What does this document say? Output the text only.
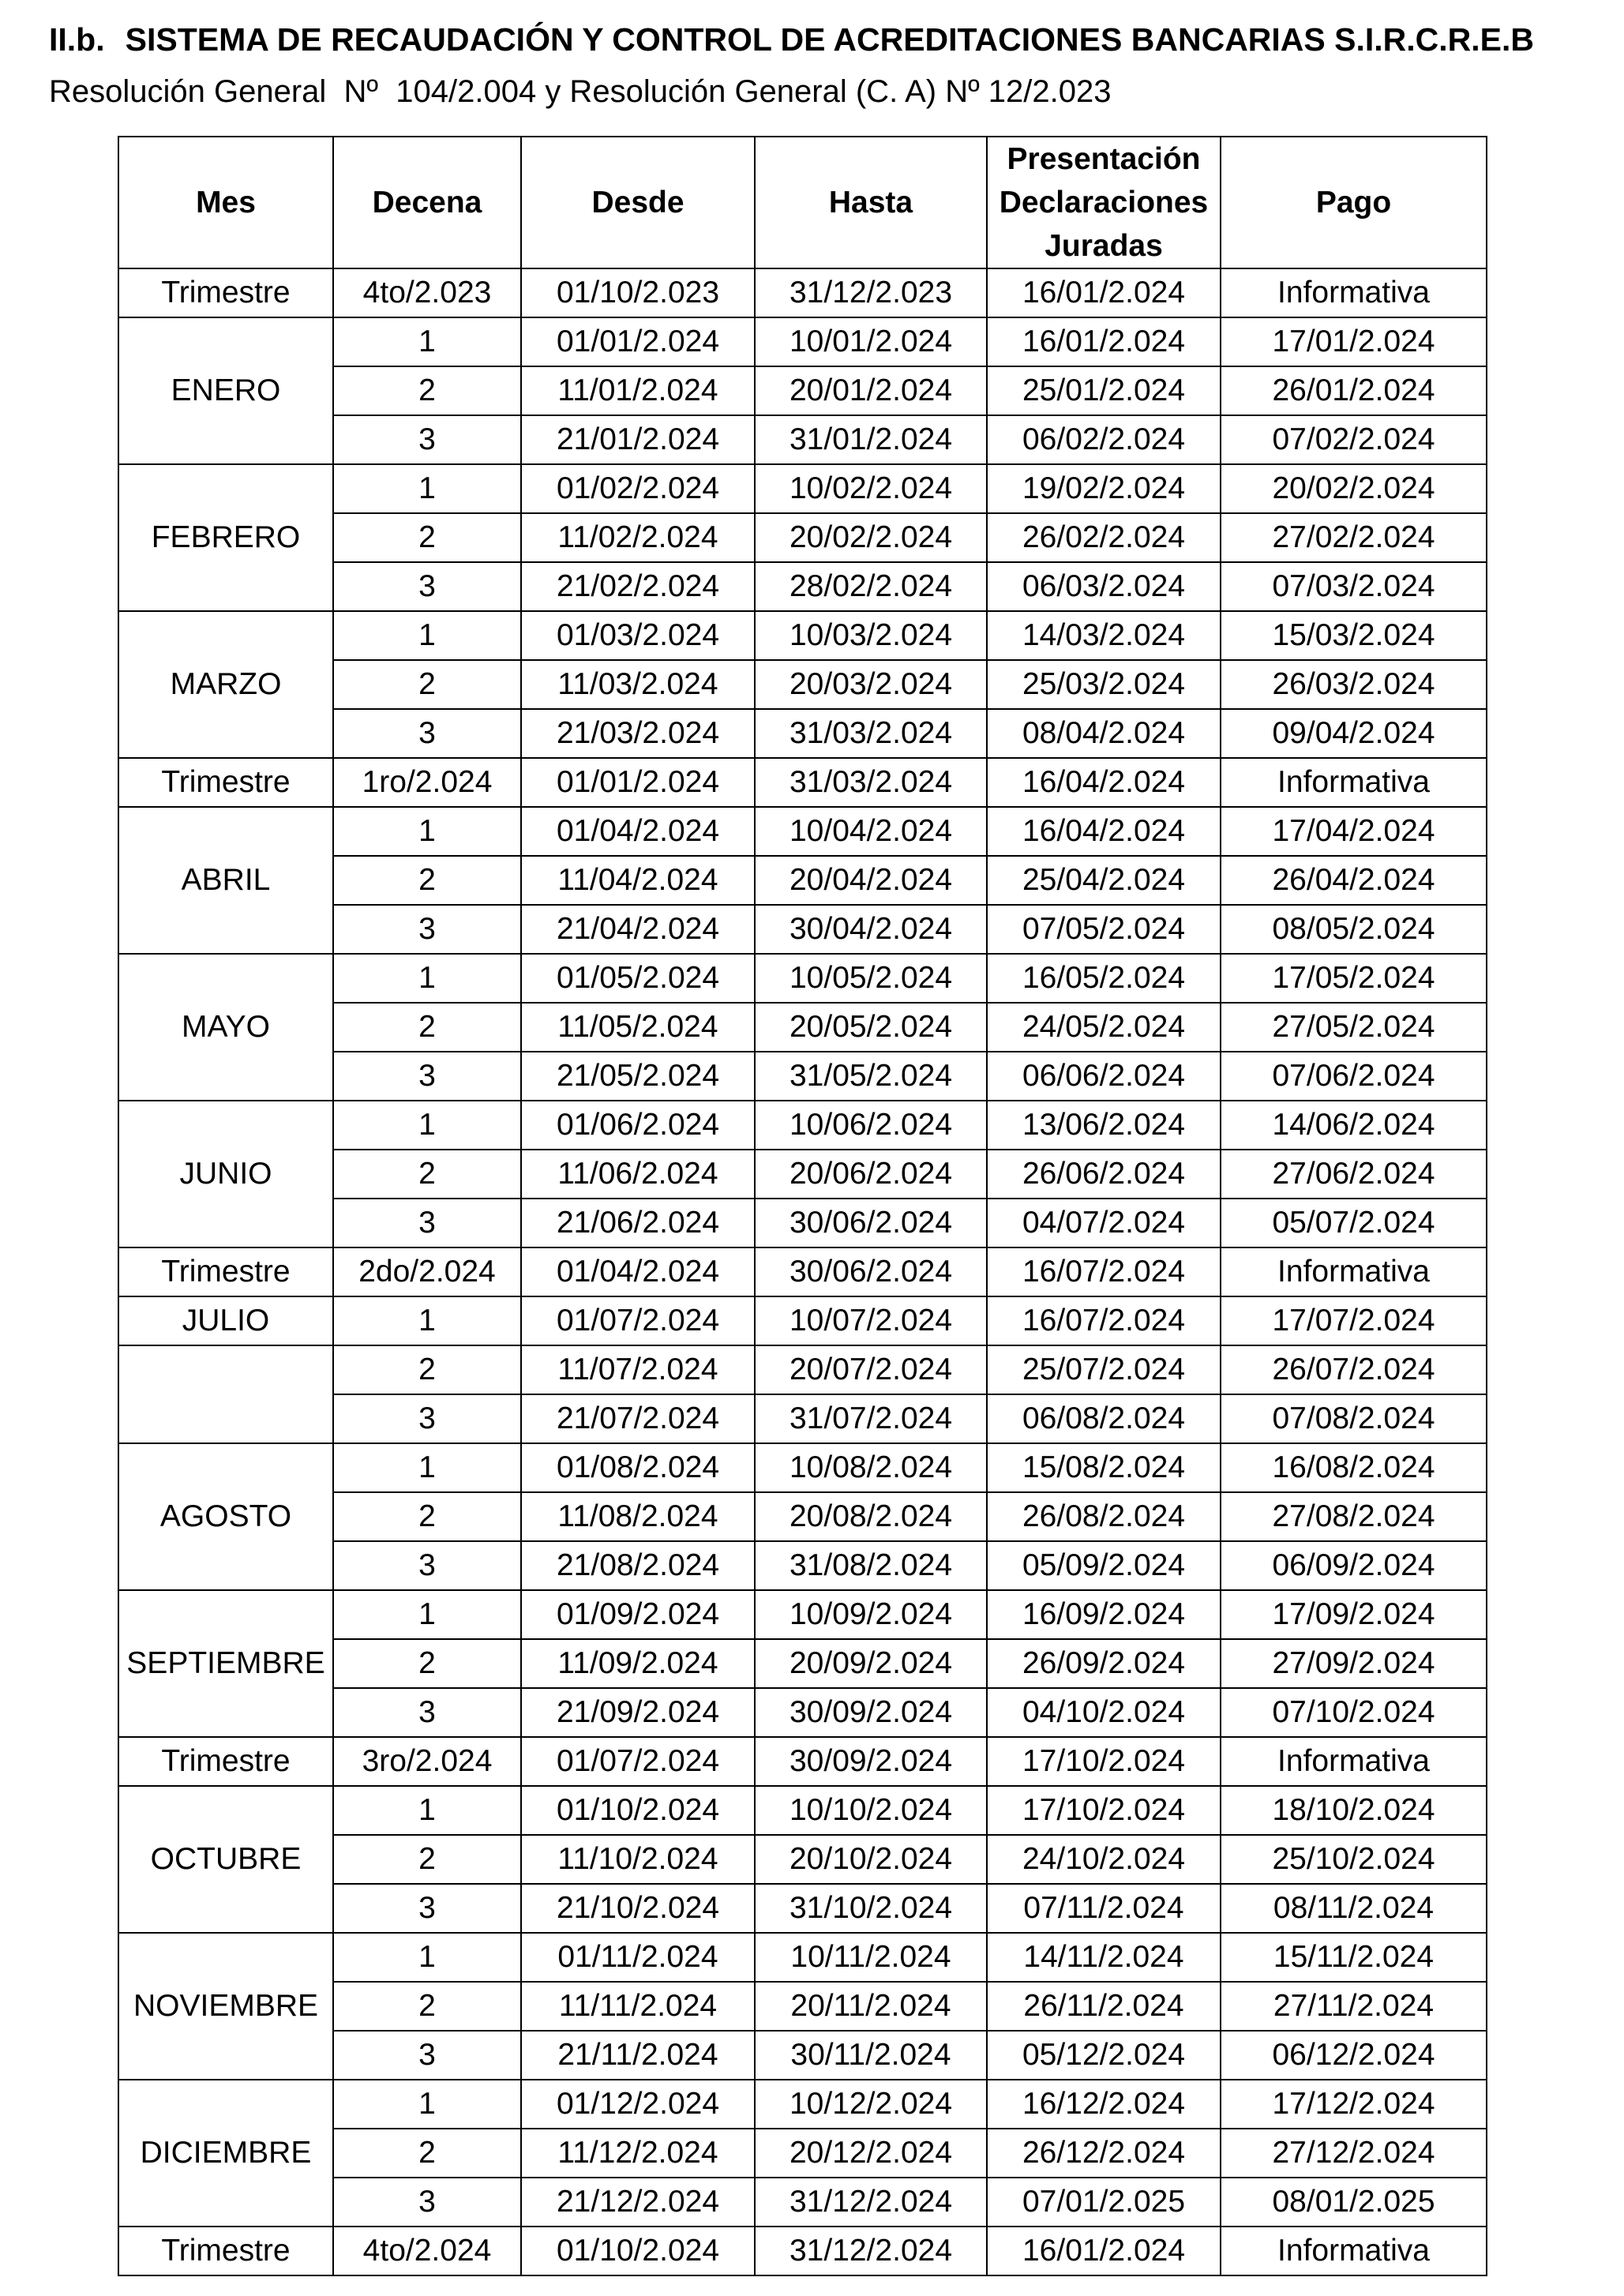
II.b. SISTEMA DE RECAUDACIÓN Y CONTROL DE ACREDITACIONES BANCARIAS S.I.R.C.R.E.B
Resolución General  Nº  104/2.004 y Resolución General (C. A) Nº 12/2.023
Mes	Decena	Desde	Hasta	Presentación
Declaraciones
Juradas	Pago
Trimestre	4to/2.023	01/10/2.023	31/12/2.023	16/01/2.024	Informativa
ENERO	1	01/01/2.024	10/01/2.024	16/01/2.024	17/01/2.024
	2	11/01/2.024	20/01/2.024	25/01/2.024	26/01/2.024
	3	21/01/2.024	31/01/2.024	06/02/2.024	07/02/2.024
FEBRERO	1	01/02/2.024	10/02/2.024	19/02/2.024	20/02/2.024
	2	11/02/2.024	20/02/2.024	26/02/2.024	27/02/2.024
	3	21/02/2.024	28/02/2.024	06/03/2.024	07/03/2.024
MARZO	1	01/03/2.024	10/03/2.024	14/03/2.024	15/03/2.024
	2	11/03/2.024	20/03/2.024	25/03/2.024	26/03/2.024
	3	21/03/2.024	31/03/2.024	08/04/2.024	09/04/2.024
Trimestre	1ro/2.024	01/01/2.024	31/03/2.024	16/04/2.024	Informativa
ABRIL	1	01/04/2.024	10/04/2.024	16/04/2.024	17/04/2.024
	2	11/04/2.024	20/04/2.024	25/04/2.024	26/04/2.024
	3	21/04/2.024	30/04/2.024	07/05/2.024	08/05/2.024
MAYO	1	01/05/2.024	10/05/2.024	16/05/2.024	17/05/2.024
	2	11/05/2.024	20/05/2.024	24/05/2.024	27/05/2.024
	3	21/05/2.024	31/05/2.024	06/06/2.024	07/06/2.024
JUNIO	1	01/06/2.024	10/06/2.024	13/06/2.024	14/06/2.024
	2	11/06/2.024	20/06/2.024	26/06/2.024	27/06/2.024
	3	21/06/2.024	30/06/2.024	04/07/2.024	05/07/2.024
Trimestre	2do/2.024	01/04/2.024	30/06/2.024	16/07/2.024	Informativa
JULIO	1	01/07/2.024	10/07/2.024	16/07/2.024	17/07/2.024
	2	11/07/2.024	20/07/2.024	25/07/2.024	26/07/2.024
	3	21/07/2.024	31/07/2.024	06/08/2.024	07/08/2.024
AGOSTO	1	01/08/2.024	10/08/2.024	15/08/2.024	16/08/2.024
	2	11/08/2.024	20/08/2.024	26/08/2.024	27/08/2.024
	3	21/08/2.024	31/08/2.024	05/09/2.024	06/09/2.024
SEPTIEMBRE	1	01/09/2.024	10/09/2.024	16/09/2.024	17/09/2.024
	2	11/09/2.024	20/09/2.024	26/09/2.024	27/09/2.024
	3	21/09/2.024	30/09/2.024	04/10/2.024	07/10/2.024
Trimestre	3ro/2.024	01/07/2.024	30/09/2.024	17/10/2.024	Informativa
OCTUBRE	1	01/10/2.024	10/10/2.024	17/10/2.024	18/10/2.024
	2	11/10/2.024	20/10/2.024	24/10/2.024	25/10/2.024
	3	21/10/2.024	31/10/2.024	07/11/2.024	08/11/2.024
NOVIEMBRE	1	01/11/2.024	10/11/2.024	14/11/2.024	15/11/2.024
	2	11/11/2.024	20/11/2.024	26/11/2.024	27/11/2.024
	3	21/11/2.024	30/11/2.024	05/12/2.024	06/12/2.024
DICIEMBRE	1	01/12/2.024	10/12/2.024	16/12/2.024	17/12/2.024
	2	11/12/2.024	20/12/2.024	26/12/2.024	27/12/2.024
	3	21/12/2.024	31/12/2.024	07/01/2.025	08/01/2.025
Trimestre	4to/2.024	01/10/2.024	31/12/2.024	16/01/2.024	Informativa
